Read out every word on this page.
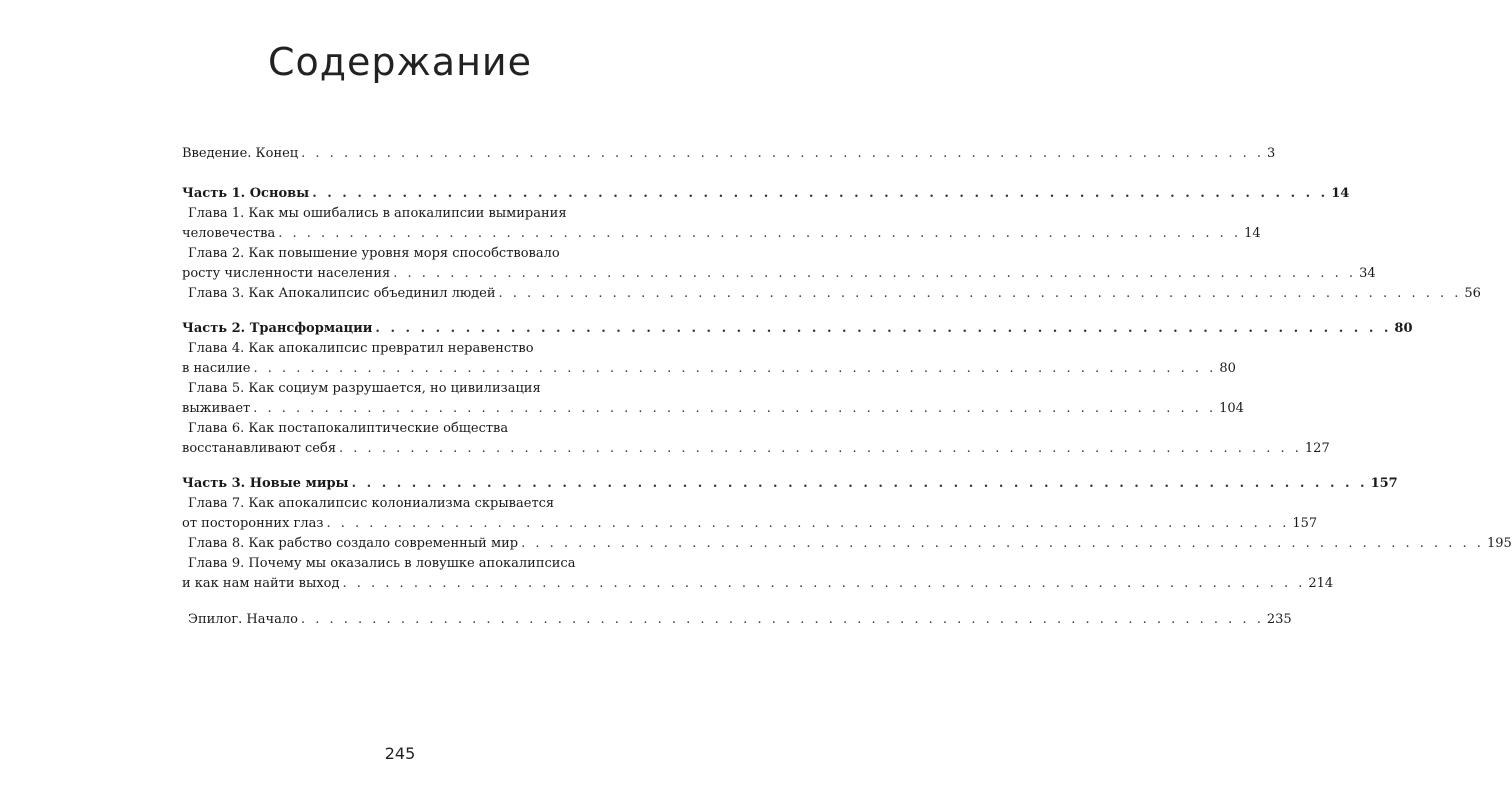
Содержание
Введение. Конец . . . . . . . . . . . . . . . . . . . . . . . . . . . . . . . . . . . . . . . . . . . . . . . . . . . . . . . . . . . . . . . . . . . . 3
Часть 1. Основы . . . . . . . . . . . . . . . . . . . . . . . . . . . . . . . . . . . . . . . . . . . . . . . . . . . . . . . . . . . . . . . . . . . . 14
Глава 1. Как мы ошибались в апокалипсии вымирания
человечества . . . . . . . . . . . . . . . . . . . . . . . . . . . . . . . . . . . . . . . . . . . . . . . . . . . . . . . . . . . . . . . . . . . . 14
Глава 2. Как повышение уровня моря способствовало
росту численности населения . . . . . . . . . . . . . . . . . . . . . . . . . . . . . . . . . . . . . . . . . . . . . . . . . . . . . . . . . . . . . . . . . . . . 34
Глава 3. Как Апокалипсис объединил людей . . . . . . . . . . . . . . . . . . . . . . . . . . . . . . . . . . . . . . . . . . . . . . . . . . . . . . . . . . . . . . . . . . . . 56
Часть 2. Трансформации . . . . . . . . . . . . . . . . . . . . . . . . . . . . . . . . . . . . . . . . . . . . . . . . . . . . . . . . . . . . . . . . . . . . 80
Глава 4. Как апокалипсис превратил неравенство
в насилие . . . . . . . . . . . . . . . . . . . . . . . . . . . . . . . . . . . . . . . . . . . . . . . . . . . . . . . . . . . . . . . . . . . . 80
Глава 5. Как социум разрушается, но цивилизация
выживает . . . . . . . . . . . . . . . . . . . . . . . . . . . . . . . . . . . . . . . . . . . . . . . . . . . . . . . . . . . . . . . . . . . . 104
Глава 6. Как постапокалиптические общества
восстанавливают себя . . . . . . . . . . . . . . . . . . . . . . . . . . . . . . . . . . . . . . . . . . . . . . . . . . . . . . . . . . . . . . . . . . . . 127
Часть 3. Новые миры . . . . . . . . . . . . . . . . . . . . . . . . . . . . . . . . . . . . . . . . . . . . . . . . . . . . . . . . . . . . . . . . . . . . 157
Глава 7. Как апокалипсис колониализма скрывается
от посторонних глаз . . . . . . . . . . . . . . . . . . . . . . . . . . . . . . . . . . . . . . . . . . . . . . . . . . . . . . . . . . . . . . . . . . . . 157
Глава 8. Как рабство создало современный мир . . . . . . . . . . . . . . . . . . . . . . . . . . . . . . . . . . . . . . . . . . . . . . . . . . . . . . . . . . . . . . . . . . . . 195
Глава 9. Почему мы оказались в ловушке апокалипсиса
и как нам найти выход . . . . . . . . . . . . . . . . . . . . . . . . . . . . . . . . . . . . . . . . . . . . . . . . . . . . . . . . . . . . . . . . . . . . 214
Эпилог. Начало . . . . . . . . . . . . . . . . . . . . . . . . . . . . . . . . . . . . . . . . . . . . . . . . . . . . . . . . . . . . . . . . . . . . 235
245
